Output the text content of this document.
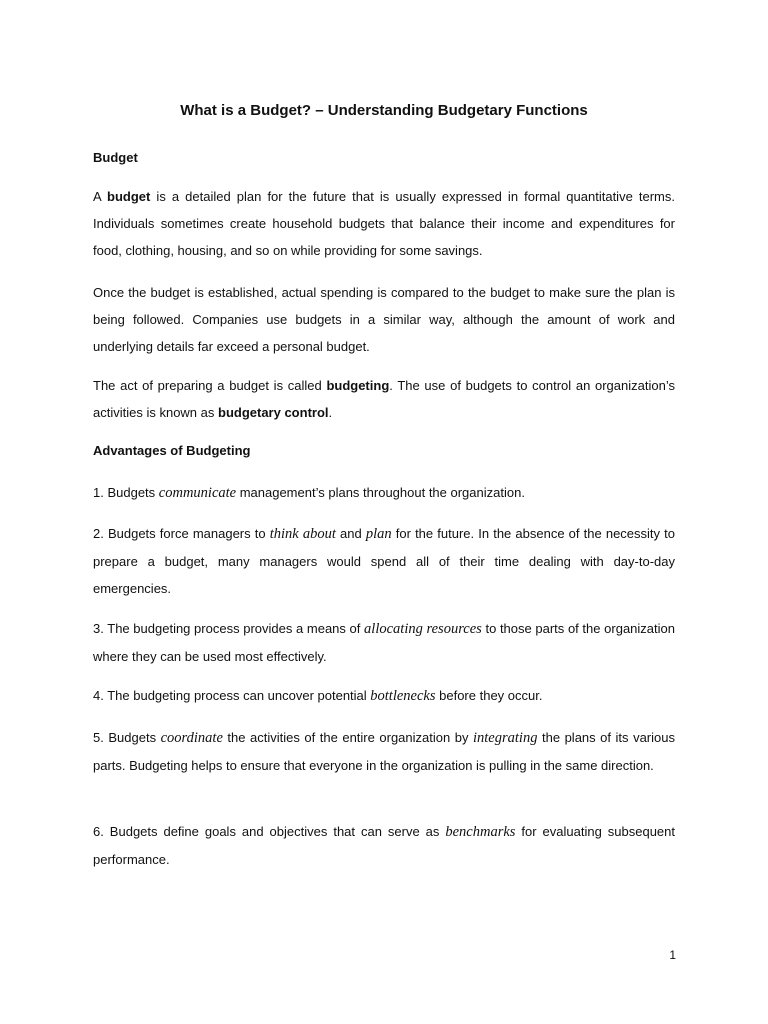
What is a Budget? – Understanding Budgetary Functions

Budget

A budget is a detailed plan for the future that is usually expressed in formal quantitative terms. Individuals sometimes create household budgets that balance their income and expenditures for food, clothing, housing, and so on while providing for some savings.

Once the budget is established, actual spending is compared to the budget to make sure the plan is being followed. Companies use budgets in a similar way, although the amount of work and underlying details far exceed a personal budget.

The act of preparing a budget is called budgeting. The use of budgets to control an organization’s activities is known as budgetary control.

Advantages of Budgeting

1. Budgets communicate management’s plans throughout the organization.

2. Budgets force managers to think about and plan for the future. In the absence of the necessity to prepare a budget, many managers would spend all of their time dealing with day-to-day emergencies.

3. The budgeting process provides a means of allocating resources to those parts of the organization where they can be used most effectively.

4. The budgeting process can uncover potential bottlenecks before they occur.

5. Budgets coordinate the activities of the entire organization by integrating the plans of its various parts. Budgeting helps to ensure that everyone in the organization is pulling in the same direction.

6. Budgets define goals and objectives that can serve as benchmarks for evaluating subsequent performance.

1
